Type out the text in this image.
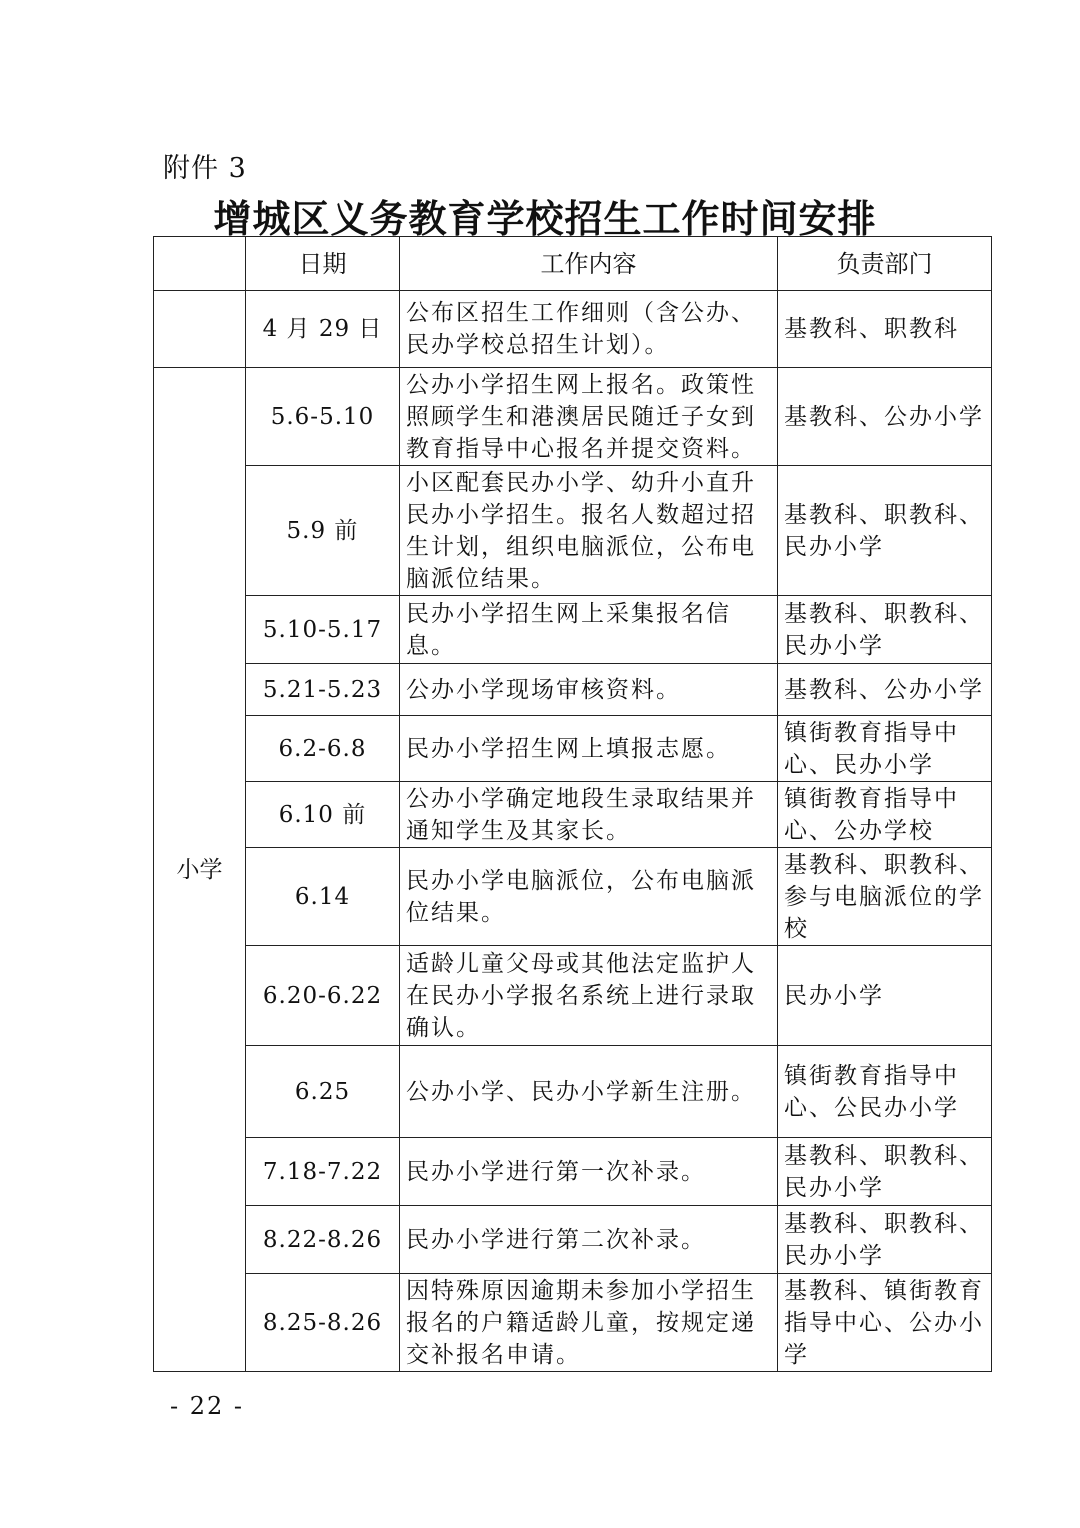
附件 3
增城区义务教育学校招生工作时间安排
	日期	工作内容	负责部门
	4 月 29 日	公布区招生工作细则（含公办、民办学校总招生计划）。	基教科、职教科
小学	5.6-5.10	公办小学招生网上报名。政策性照顾学生和港澳居民随迁子女到教育指导中心报名并提交资料。	基教科、公办小学
	5.9 前	小区配套民办小学、幼升小直升民办小学招生。报名人数超过招生计划，组织电脑派位，公布电脑派位结果。	基教科、职教科、民办小学
	5.10-5.17	民办小学招生网上采集报名信息。	基教科、职教科、民办小学
	5.21-5.23	公办小学现场审核资料。	基教科、公办小学
	6.2-6.8	民办小学招生网上填报志愿。	镇街教育指导中心、民办小学
	6.10 前	公办小学确定地段生录取结果并通知学生及其家长。	镇街教育指导中心、公办学校
	6.14	民办小学电脑派位，公布电脑派位结果。	基教科、职教科、参与电脑派位的学校
	6.20-6.22	适龄儿童父母或其他法定监护人在民办小学报名系统上进行录取确认。	民办小学
	6.25	公办小学、民办小学新生注册。	镇街教育指导中心、公民办小学
	7.18-7.22	民办小学进行第一次补录。	基教科、职教科、民办小学
	8.22-8.26	民办小学进行第二次补录。	基教科、职教科、民办小学
	8.25-8.26	因特殊原因逾期未参加小学招生报名的户籍适龄儿童，按规定递交补报名申请。	基教科、镇街教育指导中心、公办小学
- 22 -
